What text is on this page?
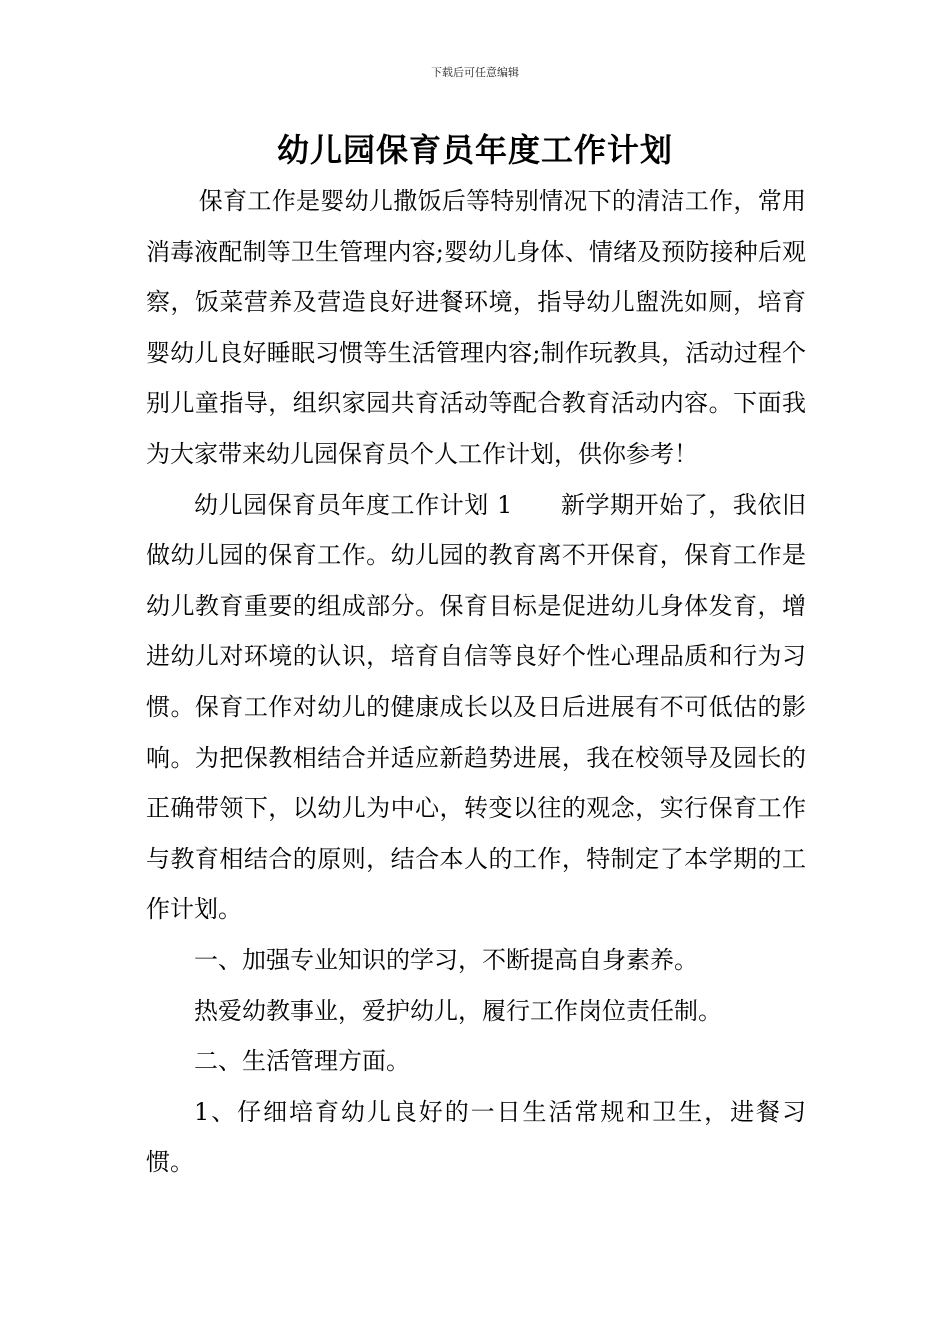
下载后可任意编辑
幼儿园保育员年度工作计划

保育工作是婴幼儿撒饭后等特别情况下的清洁工作，常用消毒液配制等卫生管理内容;婴幼儿身体、情绪及预防接种后观察，饭菜营养及营造良好进餐环境，指导幼儿盥洗如厕，培育婴幼儿良好睡眠习惯等生活管理内容;制作玩教具，活动过程个别儿童指导，组织家园共育活动等配合教育活动内容。下面我为大家带来幼儿园保育员个人工作计划，供你参考！

幼儿园保育员年度工作计划 1 新学期开始了，我依旧做幼儿园的保育工作。幼儿园的教育离不开保育，保育工作是幼儿教育重要的组成部分。保育目标是促进幼儿身体发育，增进幼儿对环境的认识，培育自信等良好个性心理品质和行为习惯。保育工作对幼儿的健康成长以及日后进展有不可低估的影响。为把保教相结合并适应新趋势进展，我在校领导及园长的正确带领下，以幼儿为中心，转变以往的观念，实行保育工作与教育相结合的原则，结合本人的工作，特制定了本学期的工作计划。

一、加强专业知识的学习，不断提高自身素养。

热爱幼教事业，爱护幼儿，履行工作岗位责任制。

二、生活管理方面。

1、仔细培育幼儿良好的一日生活常规和卫生，进餐习惯。
